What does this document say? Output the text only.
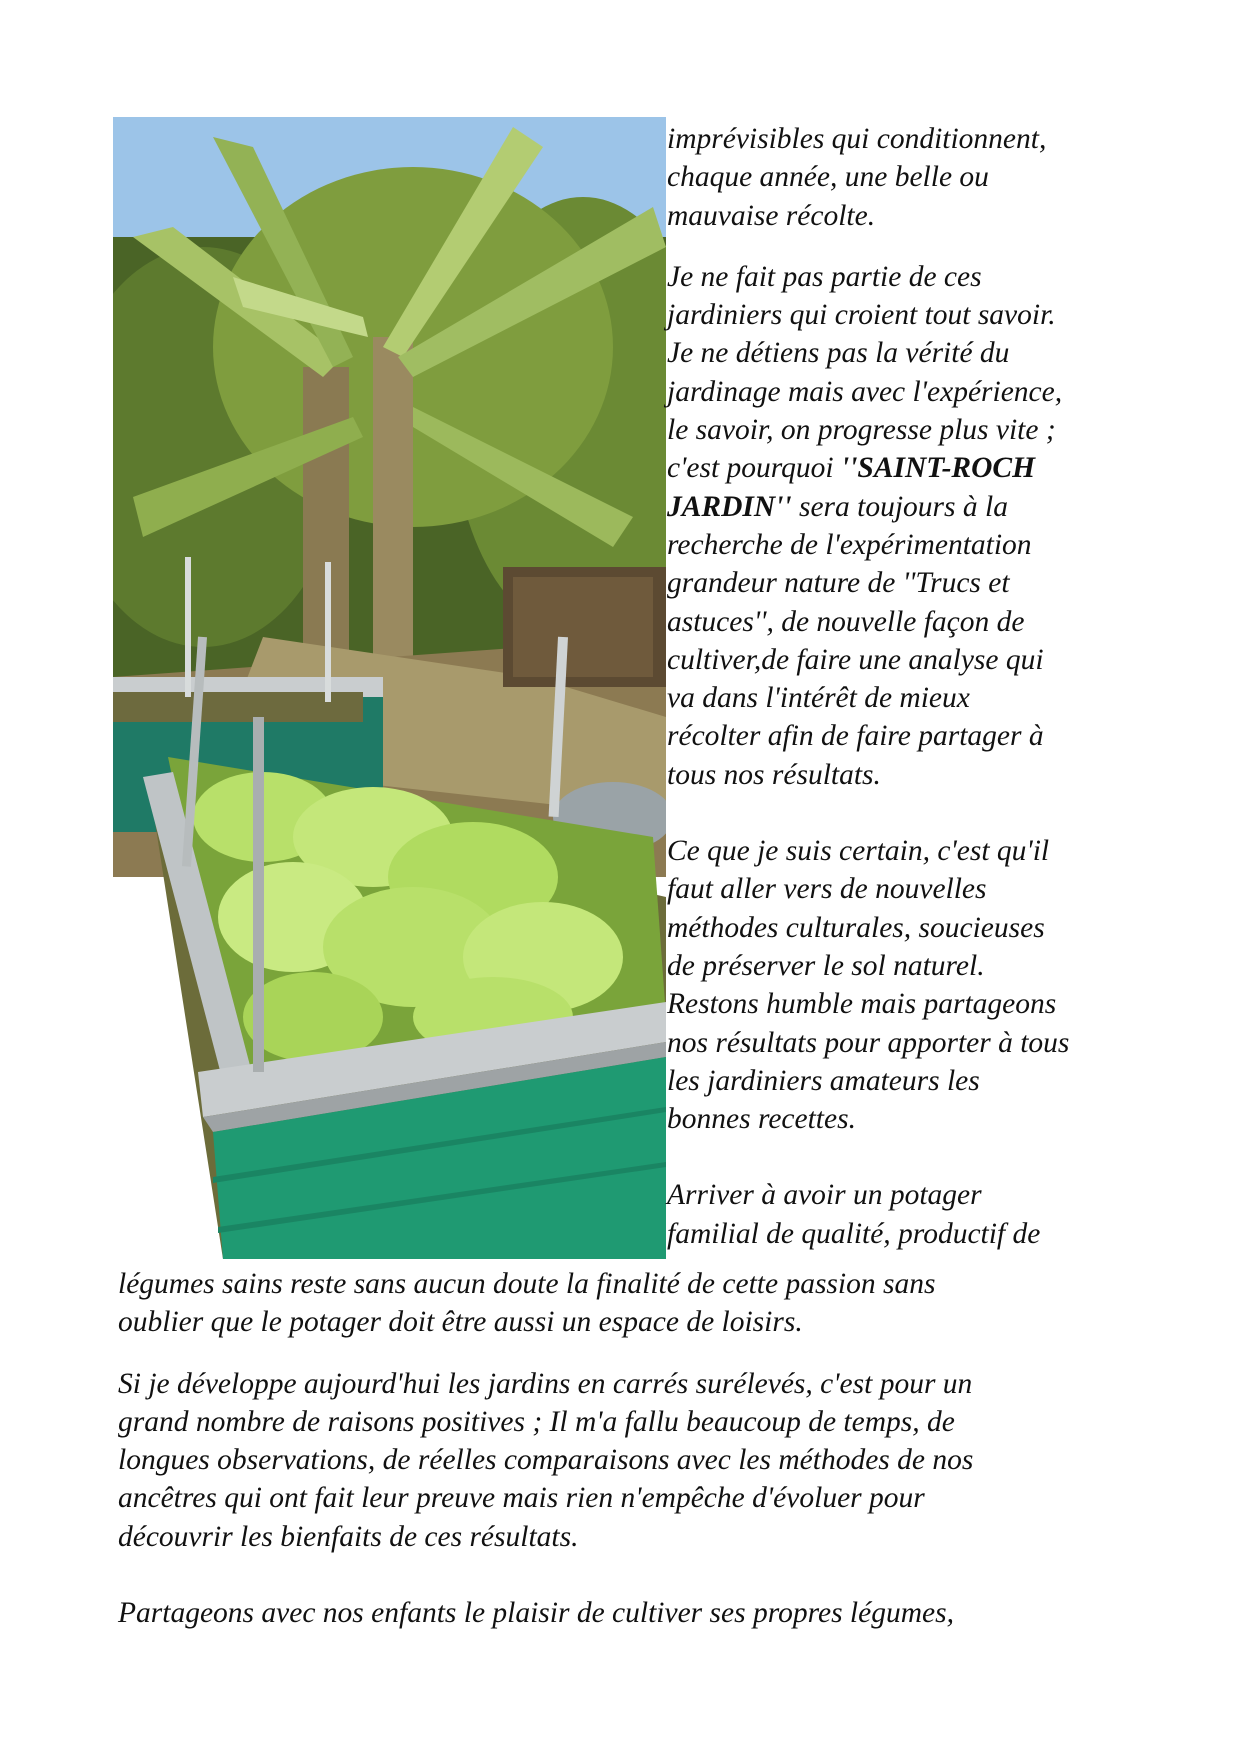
imprévisibles qui conditionnent,
chaque année, une belle ou
mauvaise récolte.
Je ne fait pas partie de ces
jardiniers qui croient tout savoir.
Je ne détiens pas la vérité du
jardinage mais avec l'expérience,
le savoir, on progresse plus vite ;
c'est pourquoi ''SAINT-ROCH
JARDIN'' sera toujours à la
recherche de l'expérimentation
grandeur nature de ''Trucs et
astuces'', de nouvelle façon de
cultiver,de faire une analyse qui
va dans l'intérêt de mieux
récolter afin de faire partager à
tous nos résultats.
Ce que je suis certain, c'est qu'il
faut aller vers de nouvelles
méthodes culturales, soucieuses
de préserver le sol naturel.
Restons humble mais partageons
nos résultats pour apporter à tous
les jardiniers amateurs les
bonnes recettes.
Arriver à avoir un potager
familial de qualité, productif de
légumes sains reste sans aucun doute la finalité de cette passion sans
oublier que le potager doit être aussi un espace de loisirs.
Si je développe aujourd'hui les jardins en carrés surélevés, c'est pour un
grand nombre de raisons positives ; Il m'a fallu beaucoup de temps, de
longues observations, de réelles comparaisons avec les méthodes de nos
ancêtres qui ont fait leur preuve mais rien n'empêche d'évoluer pour
découvrir les bienfaits de ces résultats.
Partageons avec nos enfants le plaisir de cultiver ses propres légumes,
